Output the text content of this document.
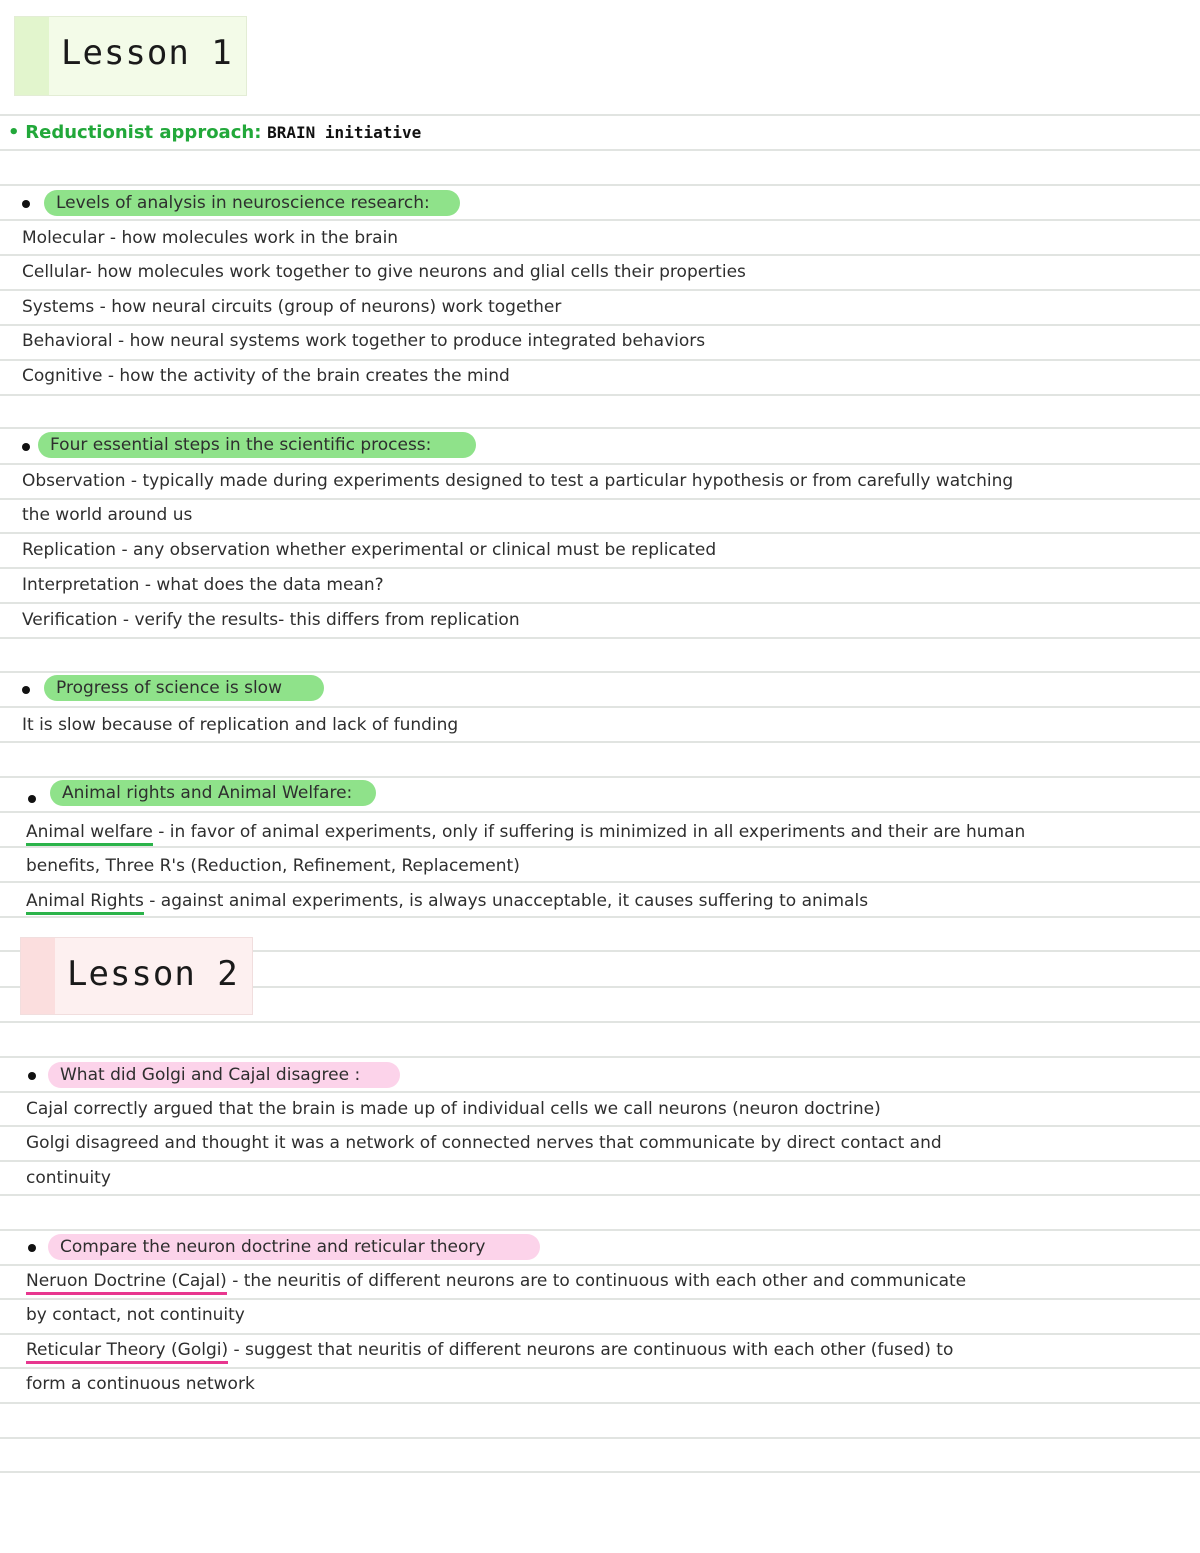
Lesson 1
• Reductionist approach: BRAIN initiative
Levels of analysis in neuroscience research:
Molecular - how molecules work in the brain
Cellular- how molecules work together to give neurons and glial cells their properties
Systems - how neural circuits (group of neurons) work together
Behavioral - how neural systems work together to produce integrated behaviors
Cognitive - how the activity of the brain creates the mind
Four essential steps in the scientific process:
Observation - typically made during experiments designed to test a particular hypothesis or from carefully watching
the world around us
Replication - any observation whether experimental or clinical must be replicated
Interpretation - what does the data mean?
Verification - verify the results- this differs from replication
Progress of science is slow
It is slow because of replication and lack of funding
Animal rights and Animal Welfare:
Animal welfare - in favor of animal experiments, only if suffering is minimized in all experiments and their are human
benefits, Three R's (Reduction, Refinement, Replacement)
Animal Rights - against animal experiments, is always unacceptable, it causes suffering to animals
Lesson 2
What did Golgi and Cajal disagree :
Cajal correctly argued that the brain is made up of individual cells we call neurons (neuron doctrine)
Golgi disagreed and thought it was a network of connected nerves that communicate by direct contact and
continuity
Compare the neuron doctrine and reticular theory
Neruon Doctrine (Cajal) - the neuritis of different neurons are to continuous with each other and communicate
by contact, not continuity
Reticular Theory (Golgi) - suggest that neuritis of different neurons are continuous with each other (fused) to
form a continuous network
